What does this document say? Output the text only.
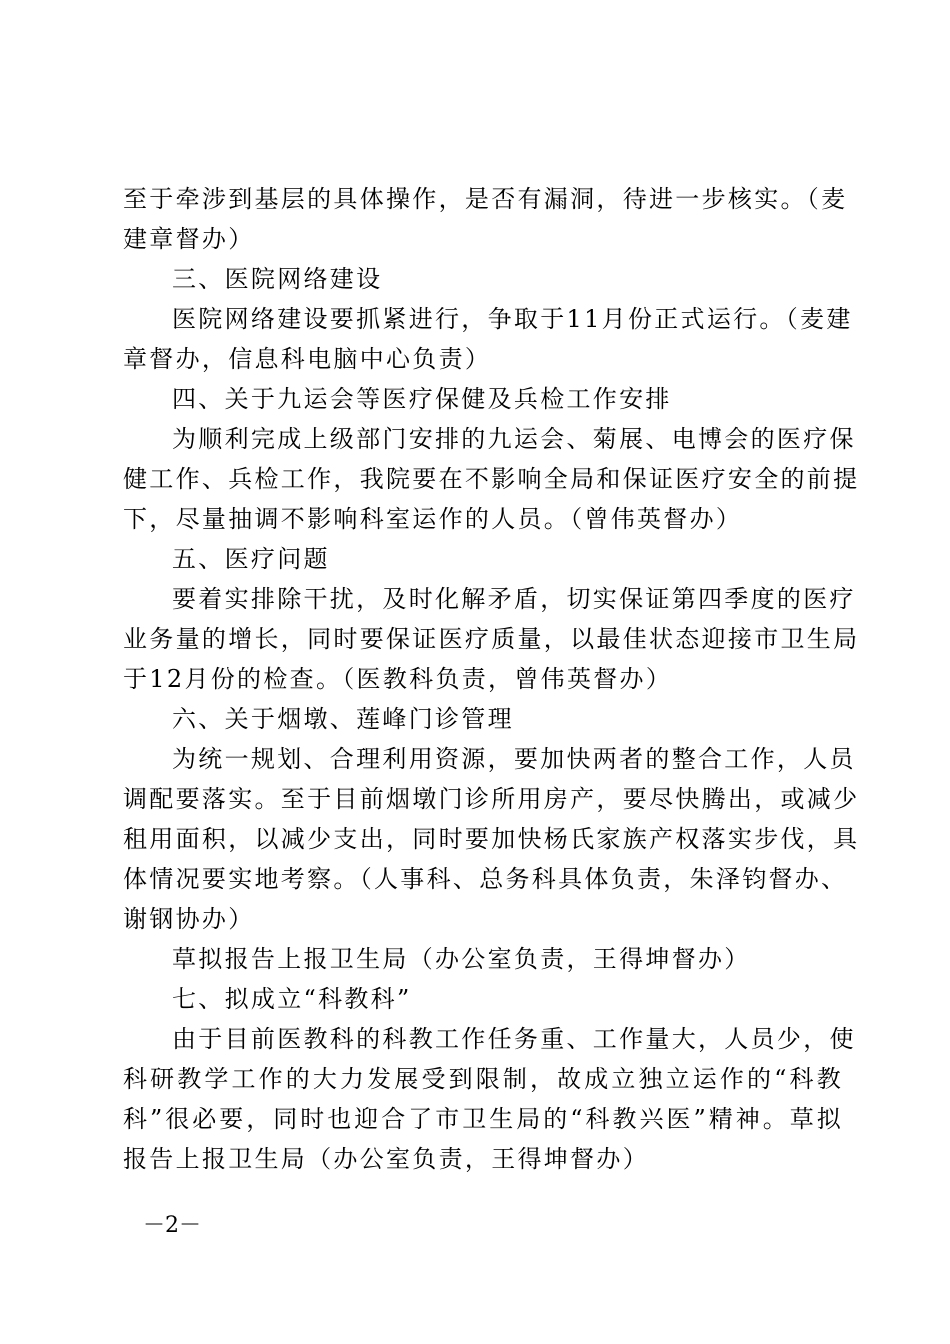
至于牵涉到基层的具体操作，是否有漏洞，待进一步核实。（麦
建章督办）
三、医院网络建设
医院网络建设要抓紧进行，争取于11月份正式运行。（麦建
章督办，信息科电脑中心负责）
四、关于九运会等医疗保健及兵检工作安排
为顺利完成上级部门安排的九运会、菊展、电博会的医疗保
健工作、兵检工作，我院要在不影响全局和保证医疗安全的前提
下，尽量抽调不影响科室运作的人员。（曾伟英督办）
五、医疗问题
要着实排除干扰，及时化解矛盾，切实保证第四季度的医疗
业务量的增长，同时要保证医疗质量，以最佳状态迎接市卫生局
于12月份的检查。（医教科负责，曾伟英督办）
六、关于烟墩、莲峰门诊管理
为统一规划、合理利用资源，要加快两者的整合工作，人员
调配要落实。至于目前烟墩门诊所用房产，要尽快腾出，或减少
租用面积，以减少支出，同时要加快杨氏家族产权落实步伐，具
体情况要实地考察。（人事科、总务科具体负责，朱泽钧督办、
谢钢协办）
草拟报告上报卫生局（办公室负责，王得坤督办）
七、拟成立“科教科”
由于目前医教科的科教工作任务重、工作量大，人员少，使
科研教学工作的大力发展受到限制，故成立独立运作的“科教
科”很必要，同时也迎合了市卫生局的“科教兴医”精神。草拟
报告上报卫生局（办公室负责，王得坤督办）
－2－
